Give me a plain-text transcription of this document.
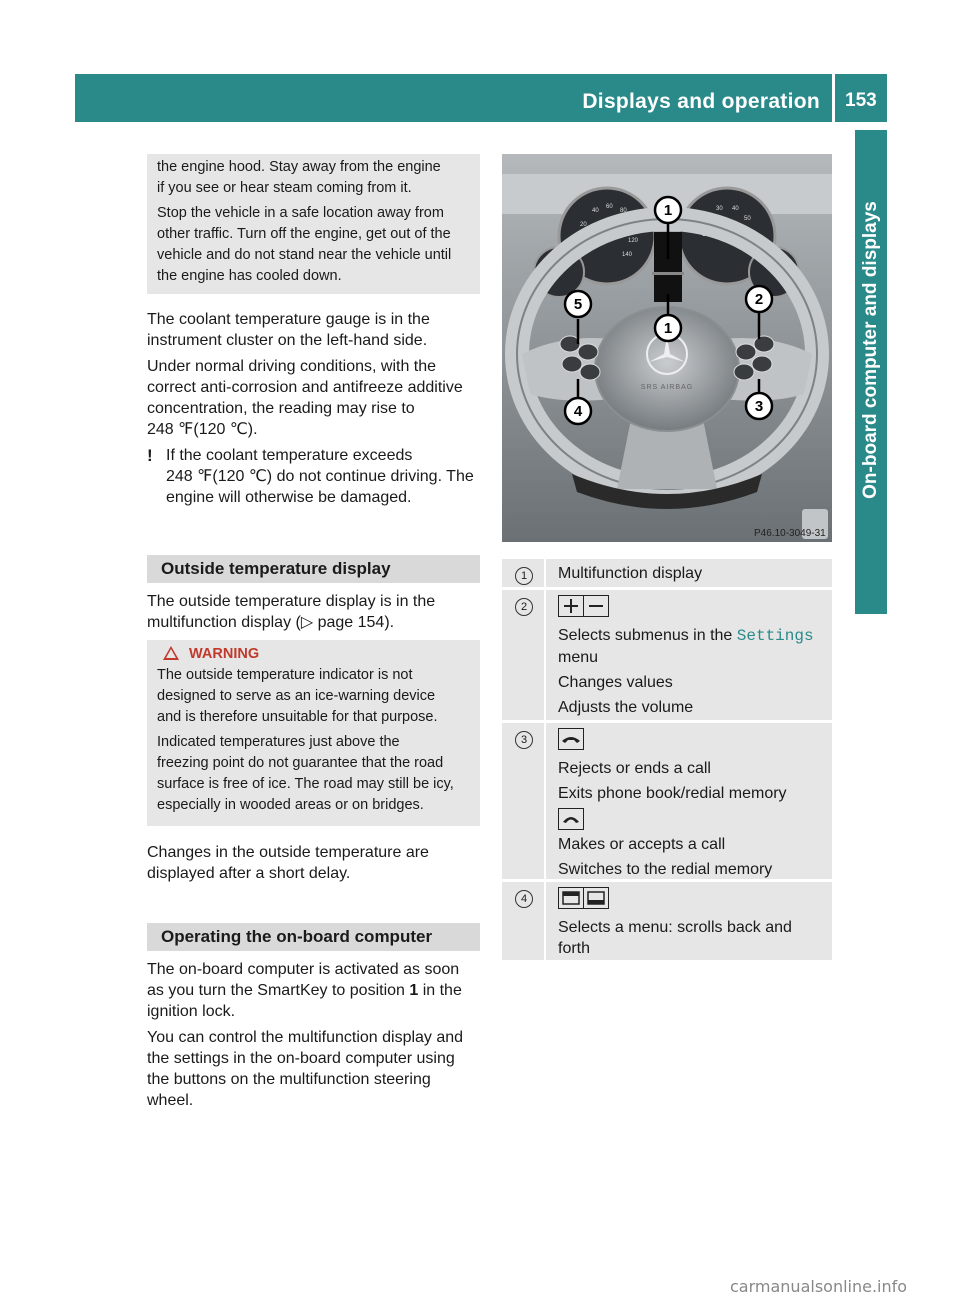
Displays and operation 153
On-board computer and displays
the engine hood. Stay away from the engine
if you see or hear steam coming from it.
Stop the vehicle in a safe location away from
other traffic. Turn off the engine, get out of the
vehicle and do not stand near the vehicle until
the engine has cooled down.
The coolant temperature gauge is in the
instrument cluster on the left-hand side.
Under normal driving conditions, with the
correct anti-corrosion and antifreeze additive
concentration, the reading may rise to
248 ℉(120 ℃).
! If the coolant temperature exceeds
248 ℉(120 ℃) do not continue driving. The
engine will otherwise be damaged.
Outside temperature display
The outside temperature display is in the
multifunction display (▷ page 154).
WARNING
The outside temperature indicator is not
designed to serve as an ice-warning device
and is therefore unsuitable for that purpose.
Indicated temperatures just above the
freezing point do not guarantee that the road
surface is free of ice. The road may still be icy,
especially in wooded areas or on bridges.
Changes in the outside temperature are
displayed after a short delay.
Operating the on-board computer
The on-board computer is activated as soon
as you turn the SmartKey to position 1 in the
ignition lock.
You can control the multifunction display and
the settings in the on-board computer using
the buttons on the multifunction steering
wheel.
20
40
60
80
100
120
140
10
20
30 40
50
60
SRS AIRBAG
1
1
2
3
4
5
P46.10-3049-31
1	Multifunction display
2
Selects submenus in the Settings
menu
Changes values
Adjusts the volume
3
Rejects or ends a call
Exits phone book/redial memory
Makes or accepts a call
Switches to the redial memory
4
Selects a menu: scrolls back and
forth
carmanualsonline.info
